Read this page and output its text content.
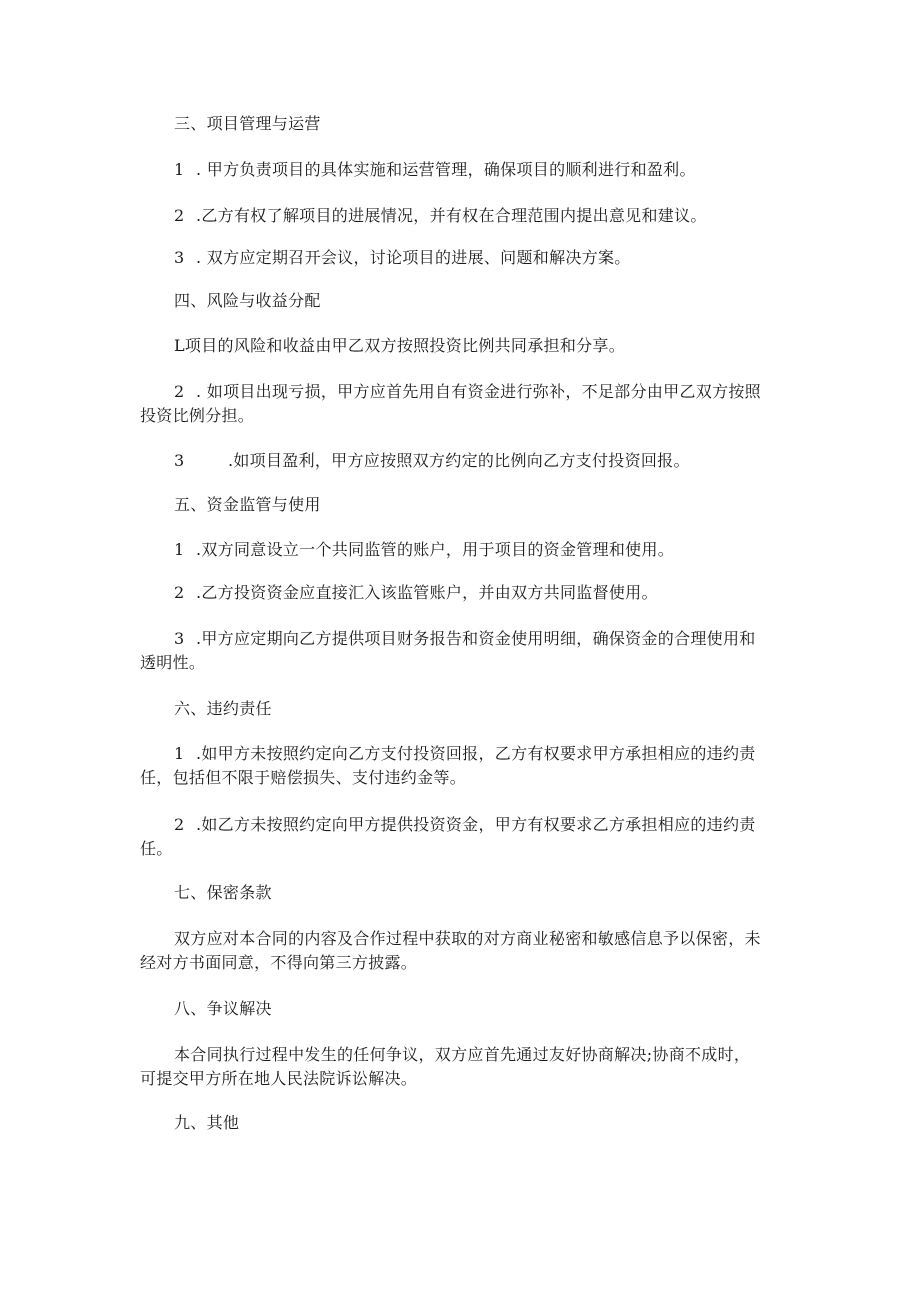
三、项目管理与运营
1 . 甲方负责项目的具体实施和运营管理，确保项目的顺利进行和盈利。
2 .乙方有权了解项目的进展情况，并有权在合理范围内提出意见和建议。
3 . 双方应定期召开会议，讨论项目的进展、问题和解决方案。
四、风险与收益分配
L项目的风险和收益由甲乙双方按照投资比例共同承担和分享。
2 . 如项目出现亏损，甲方应首先用自有资金进行弥补，不足部分由甲乙双方按照
投资比例分担。
3	.如项目盈利，甲方应按照双方约定的比例向乙方支付投资回报。
五、资金监管与使用
1 .双方同意设立一个共同监管的账户，用于项目的资金管理和使用。
2 .乙方投资资金应直接汇入该监管账户，并由双方共同监督使用。
3 .甲方应定期向乙方提供项目财务报告和资金使用明细，确保资金的合理使用和
透明性。
六、违约责任
1 .如甲方未按照约定向乙方支付投资回报，乙方有权要求甲方承担相应的违约责
任，包括但不限于赔偿损失、支付违约金等。
2 .如乙方未按照约定向甲方提供投资资金，甲方有权要求乙方承担相应的违约责
任。
七、保密条款
双方应对本合同的内容及合作过程中获取的对方商业秘密和敏感信息予以保密，未
经对方书面同意，不得向第三方披露。
八、争议解决
本合同执行过程中发生的任何争议，双方应首先通过友好协商解决;协商不成时，
可提交甲方所在地人民法院诉讼解决。
九、其他
